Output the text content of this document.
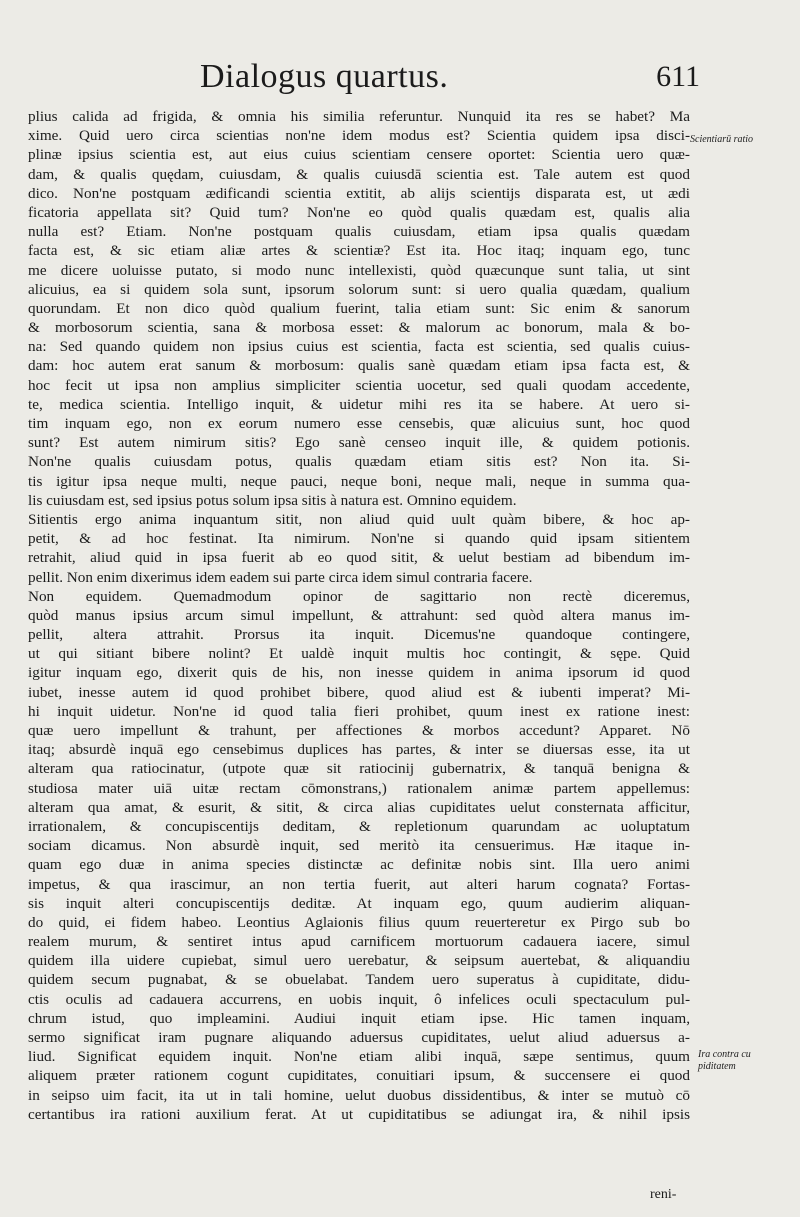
Dialogus quartus.	611
plius calida ad frigida, & omnia his similia referuntur. Nunquid ita res se habet? Ma
xime. Quid uero circa scientias non'ne idem modus est? Scientia quidem ipsa disci-
plinæ ipsius scientia est, aut eius cuius scientiam censere oportet: Scientia uero quæ-
dam, & qualis quędam, cuiusdam, & qualis cuiusdā scientia est. Tale autem est quod
dico. Non'ne postquam ædificandi scientia extitit, ab alijs scientijs disparata est, ut ædi
ficatoria appellata sit? Quid tum? Non'ne eo quòd qualis quædam est, qualis alia
nulla est? Etiam. Non'ne postquam qualis cuiusdam, etiam ipsa qualis quædam
facta est, & sic etiam aliæ artes & scientiæ? Est ita. Hoc itaq; inquam ego, tunc
me dicere uoluisse putato, si modo nunc intellexisti, quòd quæcunque sunt talia, ut sint
alicuius, ea si quidem sola sunt, ipsorum solorum sunt: si uero qualia quædam, qualium
quorundam. Et non dico quòd qualium fuerint, talia etiam sunt: Sic enim & sanorum
& morbosorum scientia, sana & morbosa esset: & malorum ac bonorum, mala & bo-
na: Sed quando quidem non ipsius cuius est scientia, facta est scientia, sed qualis cuius-
dam: hoc autem erat sanum & morbosum: qualis sanè quædam etiam ipsa facta est, &
hoc fecit ut ipsa non amplius simpliciter scientia uocetur, sed quali quodam accedente,
te, medica scientia. Intelligo inquit, & uidetur mihi res ita se habere. At uero si-
tim inquam ego, non ex eorum numero esse censebis, quæ alicuius sunt, hoc quod
sunt? Est autem nimirum sitis? Ego sanè censeo inquit ille, & quidem potionis.
Non'ne qualis cuiusdam potus, qualis quædam etiam sitis est? Non ita. Si-
tis igitur ipsa neque multi, neque pauci, neque boni, neque mali, neque in summa qua-
lis cuiusdam est, sed ipsius potus solum ipsa sitis à natura est. Omnino equidem.
Sitientis ergo anima inquantum sitit, non aliud quid uult quàm bibere, & hoc ap-
petit, & ad hoc festinat. Ita nimirum. Non'ne si quando quid ipsam sitientem
retrahit, aliud quid in ipsa fuerit ab eo quod sitit, & uelut bestiam ad bibendum im-
pellit. Non enim dixerimus idem eadem sui parte circa idem simul contraria facere.
Non equidem. Quemadmodum opinor de sagittario non rectè diceremus,
quòd manus ipsius arcum simul impellunt, & attrahunt: sed quòd altera manus im-
pellit, altera attrahit. Prorsus ita inquit. Dicemus'ne quandoque contingere,
ut qui sitiant bibere nolint? Et ualdè inquit multis hoc contingit, & sępe. Quid
igitur inquam ego, dixerit quis de his, non inesse quidem in anima ipsorum id quod
iubet, inesse autem id quod prohibet bibere, quod aliud est & iubenti imperat? Mi-
hi inquit uidetur. Non'ne id quod talia fieri prohibet, quum inest ex ratione inest:
quæ uero impellunt & trahunt, per affectiones & morbos accedunt? Apparet. Nō
itaq; absurdè inquā ego censebimus duplices has partes, & inter se diuersas esse, ita ut
alteram qua ratiocinatur, (utpote quæ sit ratiocinij gubernatrix, & tanquā benigna &
studiosa mater uiā uitæ rectam cōmonstrans,) rationalem animæ partem appellemus:
alteram qua amat, & esurit, & sitit, & circa alias cupiditates uelut consternata afficitur,
irrationalem, & concupiscentijs deditam, & repletionum quarundam ac uoluptatum
sociam dicamus. Non absurdè inquit, sed meritò ita censuerimus. Hæ itaque in-
quam ego duæ in anima species distinctæ ac definitæ nobis sint. Illa uero animi
impetus, & qua irascimur, an non tertia fuerit, aut alteri harum cognata? Fortas-
sis inquit alteri concupiscentijs deditæ. At inquam ego, quum audierim aliquan-
do quid, ei fidem habeo. Leontius Aglaionis filius quum reuerteretur ex Pirgo sub bo
realem murum, & sentiret intus apud carnificem mortuorum cadauera iacere, simul
quidem illa uidere cupiebat, simul uero uerebatur, & seipsum auertebat, & aliquandiu
quidem secum pugnabat, & se obuelabat. Tandem uero superatus à cupiditate, didu-
ctis oculis ad cadauera accurrens, en uobis inquit, ô infelices oculi spectaculum pul-
chrum istud, quo impleamini. Audiui inquit etiam ipse. Hic tamen inquam,
sermo significat iram pugnare aliquando aduersus cupiditates, uelut aliud aduersus a-
liud. Significat equidem inquit. Non'ne etiam alibi inquā, sæpe sentimus, quum
aliquem præter rationem cogunt cupiditates, conuitiari ipsum, & succensere ei quod
in seipso uim facit, ita ut in tali homine, uelut duobus dissidentibus, & inter se mutuò cō
certantibus ira rationi auxilium ferat. At ut cupiditatibus se adiungat ira, & nihil ipsis
Scientiarū ratio
Ira contra cu
piditatem
reni-
